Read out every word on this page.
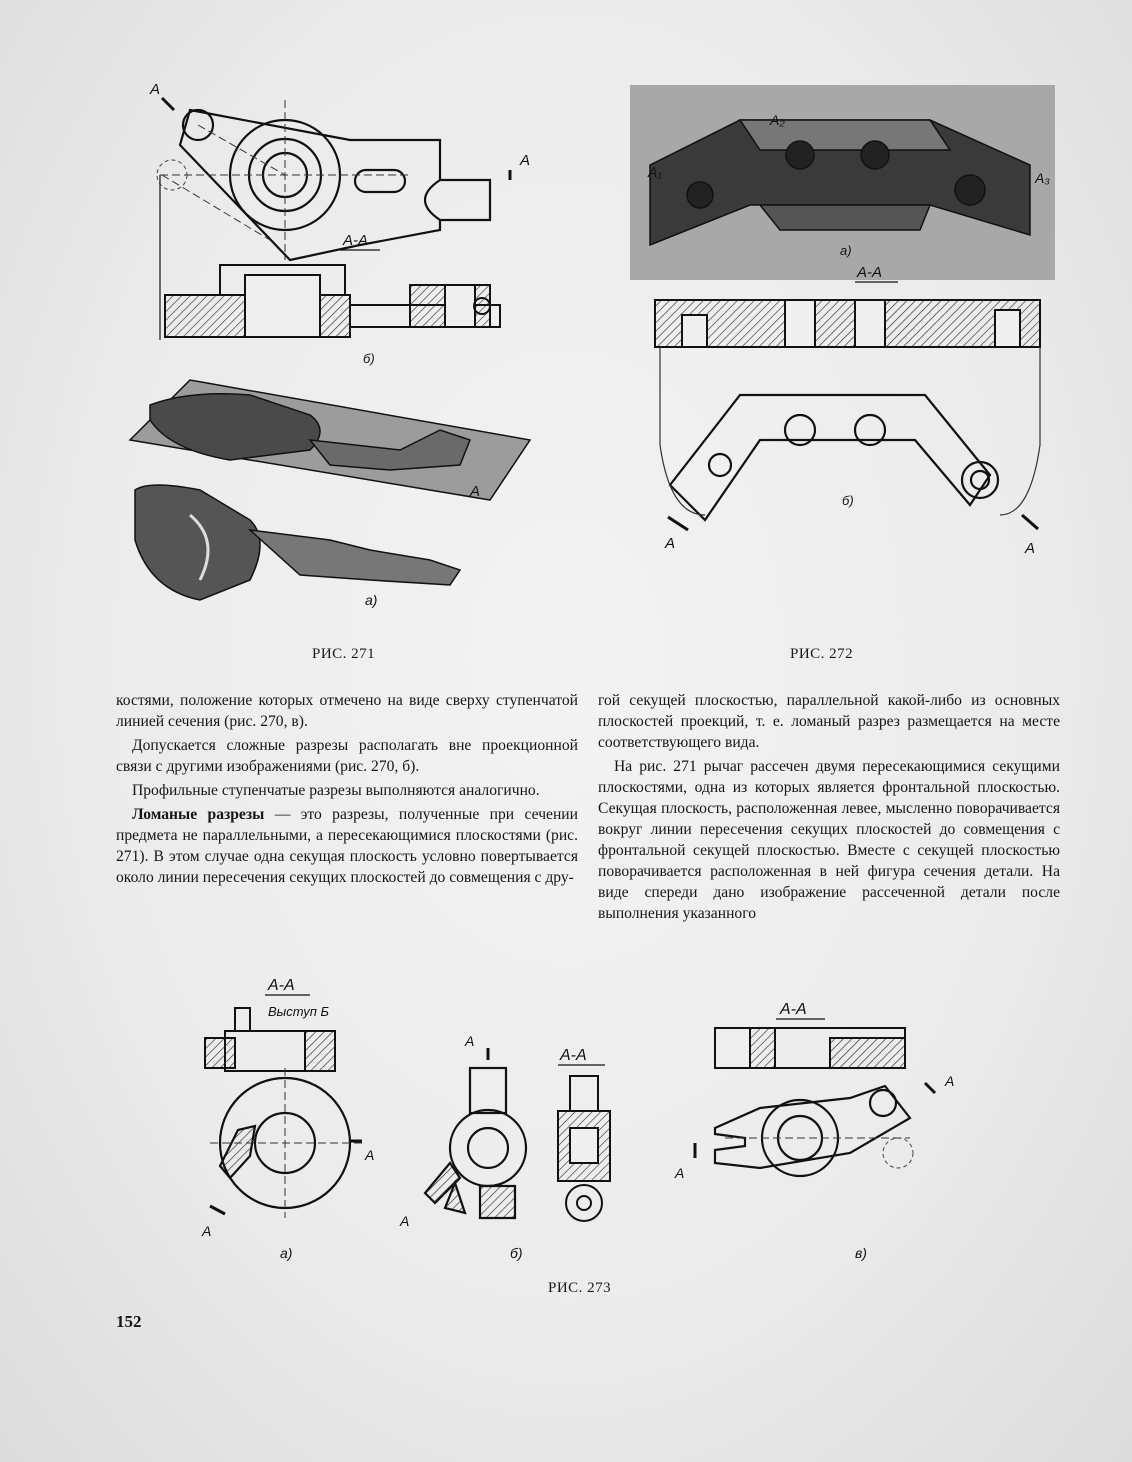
А
А
А-А
б)
А
а)
РИС. 271
A₂
A₁	A₃
а)
А-А
А	А
б)
РИС. 272

костями, положение которых отмечено на виде сверху ступенчатой линией сечения (рис. 270, в).

Допускается сложные разрезы располагать вне проекционной связи с другими изображениями (рис. 270, б).

Профильные ступенчатые разрезы выполняются аналогично.

Ломаные разрезы — это разрезы, полученные при сечении предмета не параллельными, а пересекающимися плоскостями (рис. 271). В этом случае одна секущая плоскость условно повертывается около линии пересечения секущих плоскостей до совмещения с дру-

гой секущей плоскостью, параллельной какой-либо из основных плоскостей проекций, т. е. ломаный разрез размещается на месте соответствующего вида.

На рис. 271 рычаг рассечен двумя пересекающимися секущими плоскостями, одна из которых является фронтальной плоскостью. Секущая плоскость, расположенная левее, мысленно поворачивается вокруг линии пересечения секущих плоскостей до совмещения с фронтальной секущей плоскостью. Вместе с секущей плоскостью поворачивается расположенная в ней фигура сечения детали. На виде спереди дано изображение рассеченной детали после выполнения указанного

А-А
Выступ Б
А
А
а)
А
А
А-А
б)
А-А
А
А
в)
РИС. 273
152
